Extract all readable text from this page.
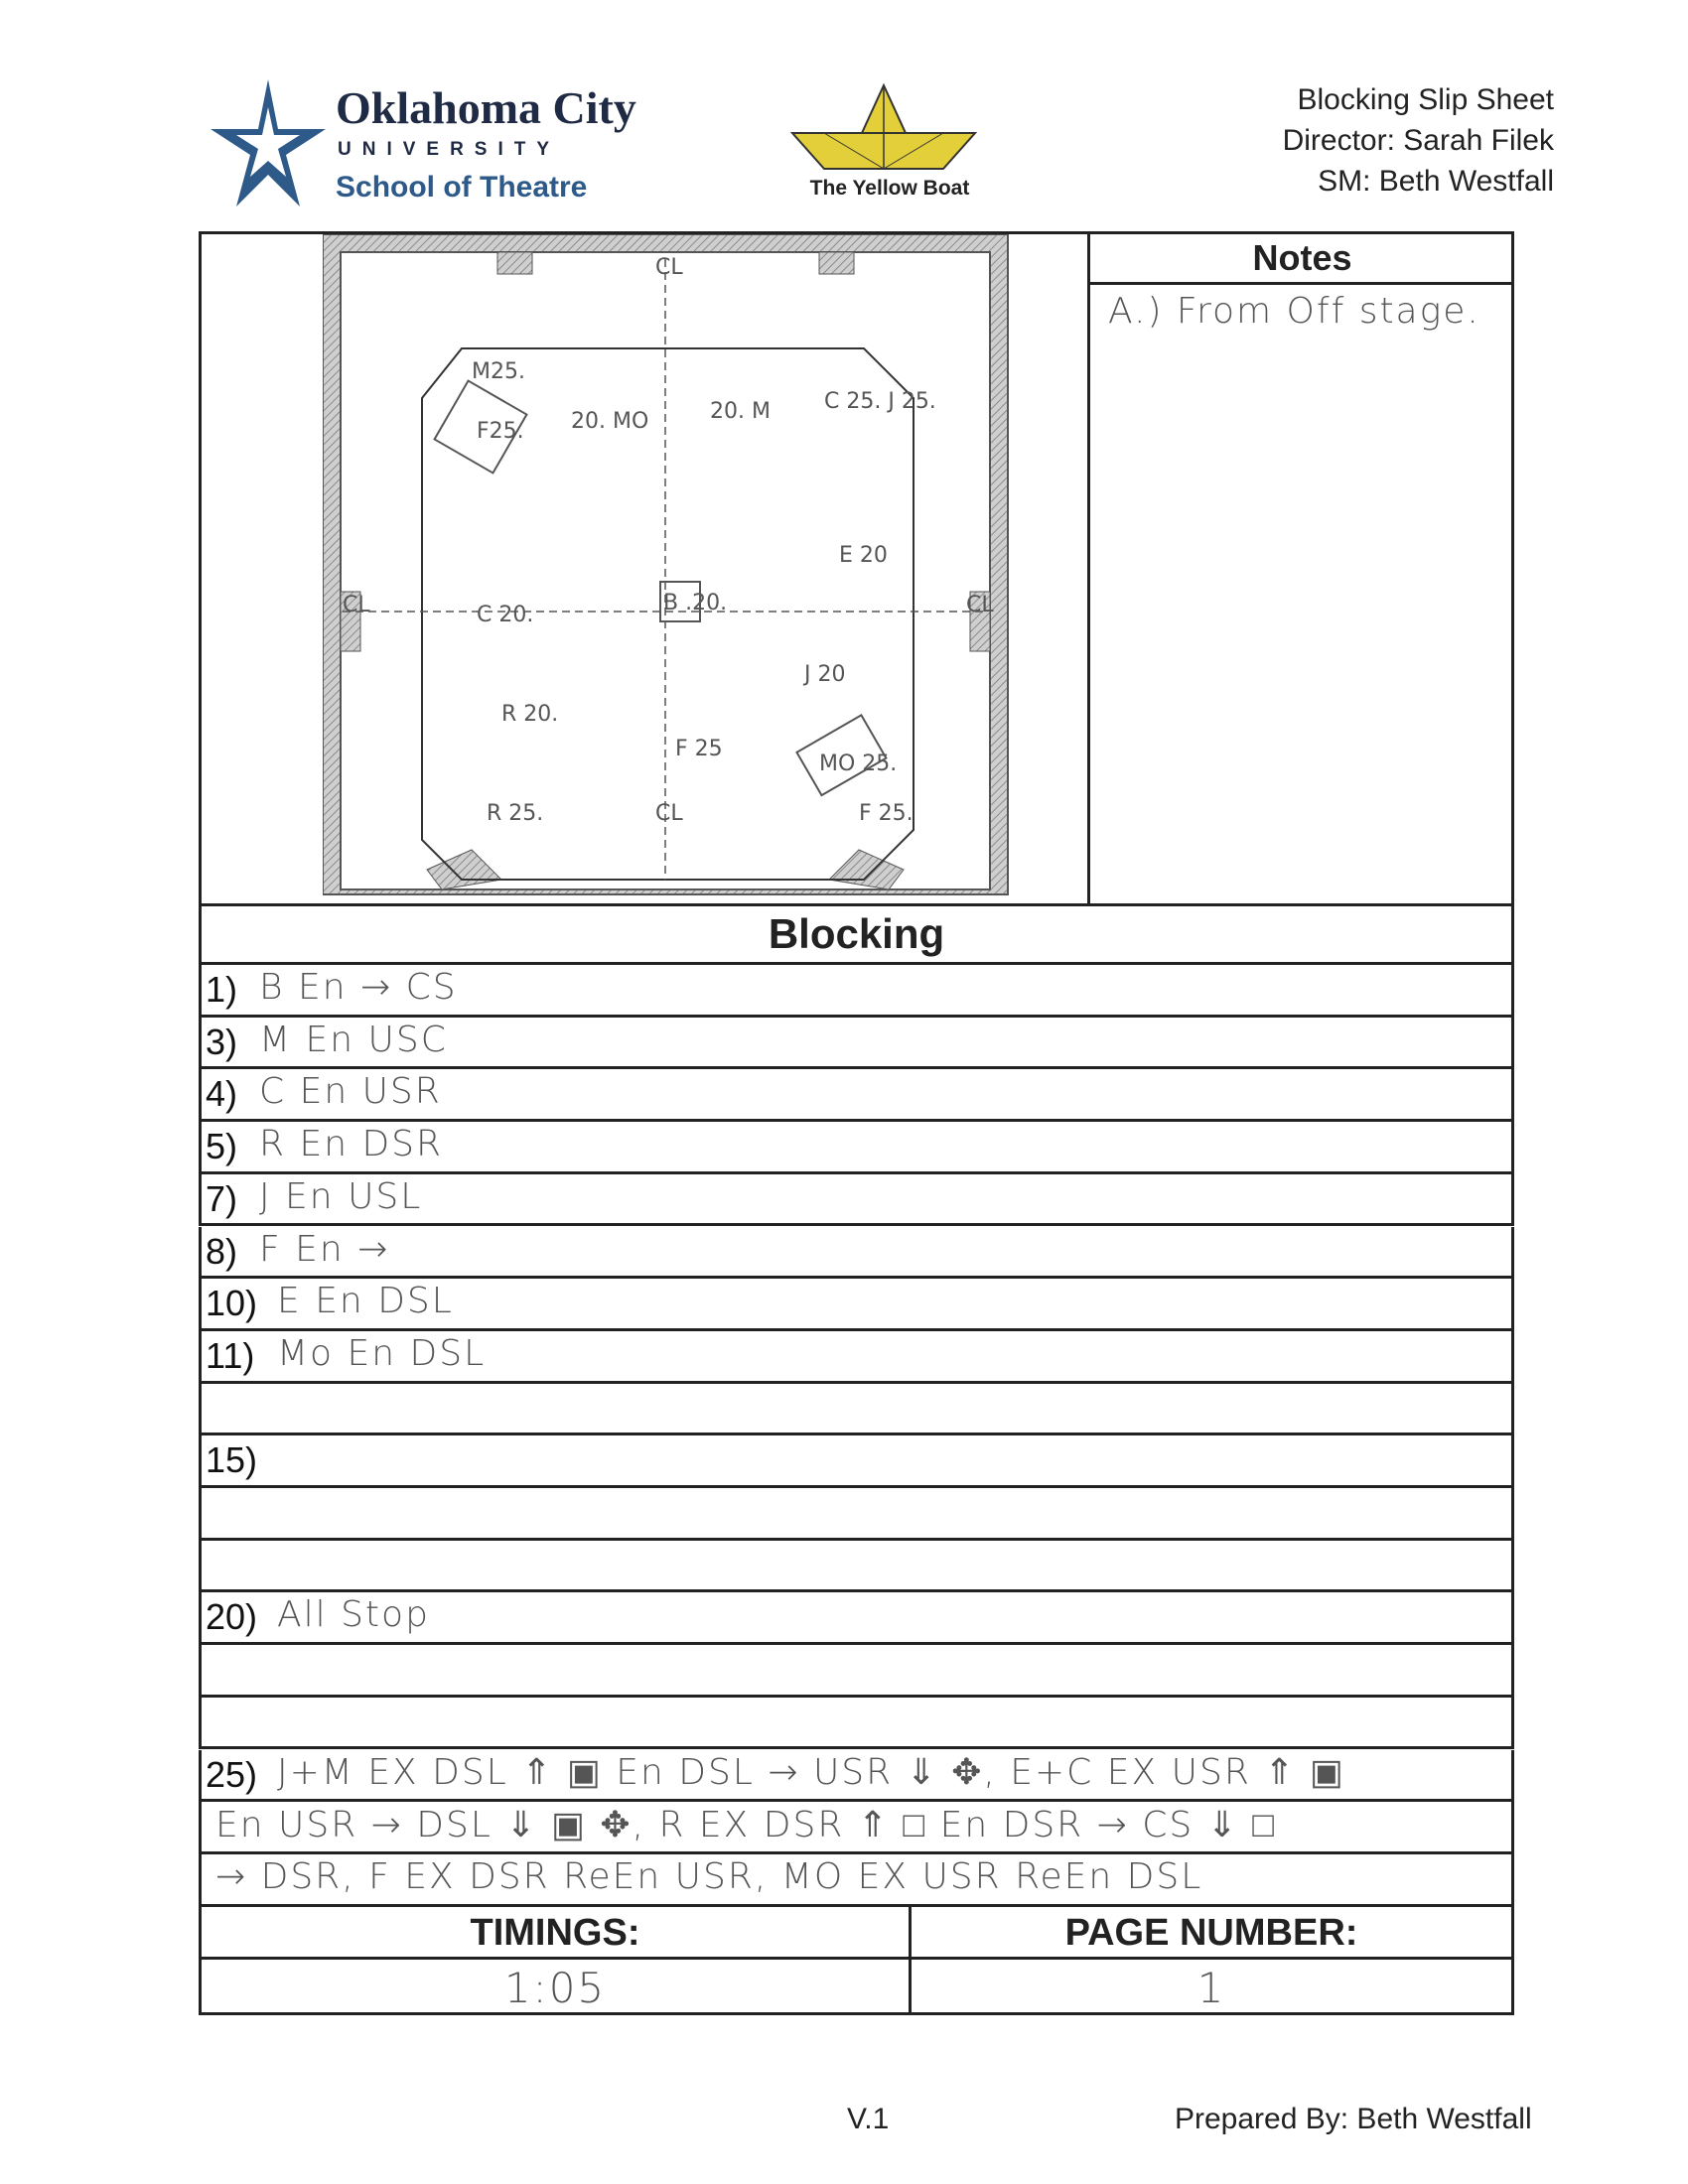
Oklahoma City
UNIVERSITY
School of Theatre	The Yellow Boat
Blocking Slip Sheet
Director: Sarah Filek
SM: Beth Westfall
CL
CL	CL
CL
M25.
F25. 20. MO	20. M C 25. J 25.
C 20.	B .20.
E 20
R 20.
J 20
F 25
R 25.
MO 25.
F 25.
Notes
A.) From Off stage.
Blocking
1) B En → CS
3) M En USC
4) C En USR
5) R En DSR
7) J En USL
8) F En →
10) E En DSL
11) Mo En DSL
15)
20) All Stop
25) J+M EX DSL ⇑ ▣ En DSL → USR ⇓ ✥, E+C EX USR ⇑ ▣
En USR → DSL ⇓ ▣ ✥, R EX DSR ⇑ □ En DSR → CS ⇓ □
→ DSR, F EX DSR ReEn USR, MO EX USR ReEn DSL
TIMINGS:
1:05
PAGE NUMBER:
1
V.1	Prepared By: Beth Westfall
